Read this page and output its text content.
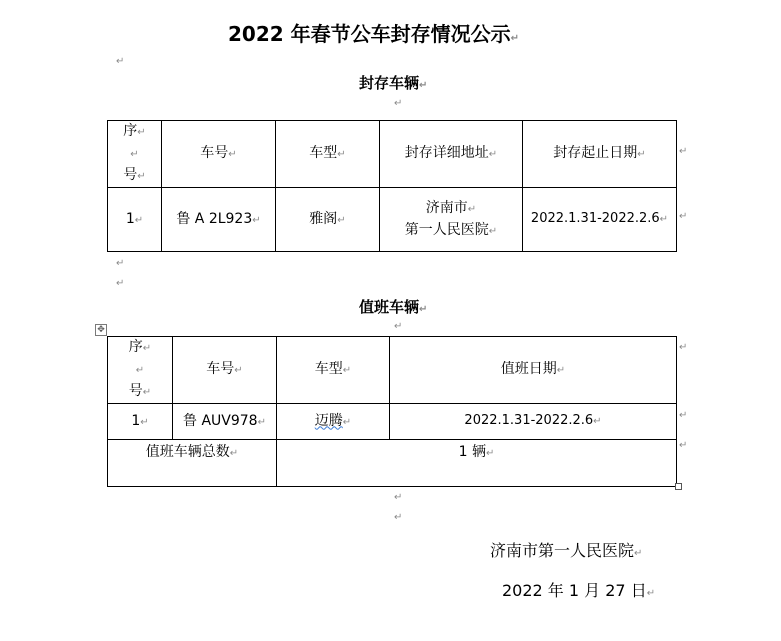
2022 年春节公车封存情况公示↵
↵
封存车辆↵
↵
序↵
↵
号↵	车号↵	车型↵	封存详细地址↵	封存起止日期↵
1↵	鲁 A 2L923↵	雅阁↵	济南市↵
第一人民医院↵	2022.1.31-2022.2.6↵
↵
↵
↵
↵
值班车辆↵
↵
✥
序↵
↵
号↵	车号↵	车型↵	值班日期↵
1↵	鲁 AUV978↵	迈腾↵	2022.1.31-2022.2.6↵
值班车辆总数↵		1 辆↵	
↵
↵
↵
↵
↵
济南市第一人民医院↵
2022 年 1 月 27 日↵
